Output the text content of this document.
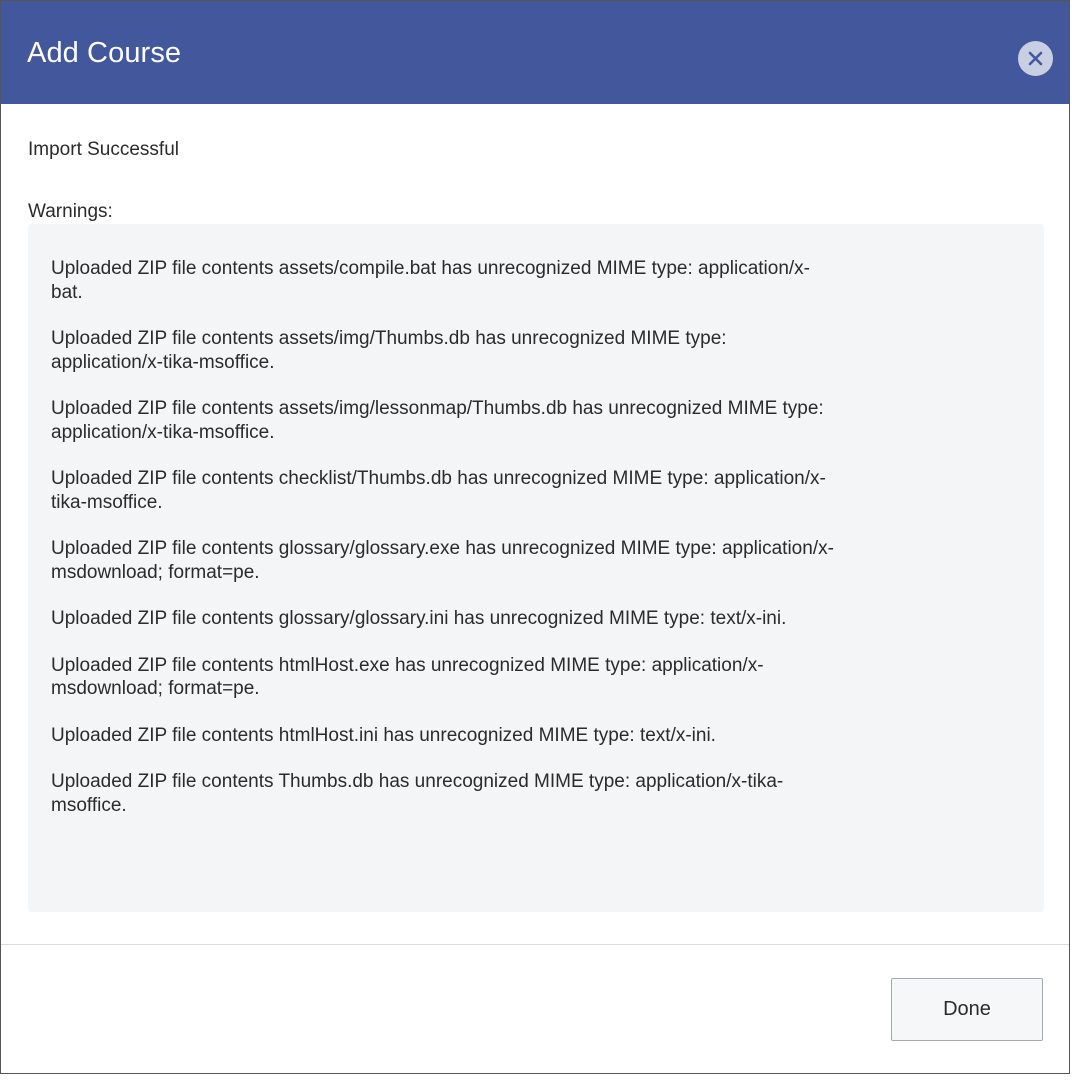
Add Course
Import Successful
Warnings:

Uploaded ZIP file contents assets/compile.bat has unrecognized MIME type: application/x-bat.

Uploaded ZIP file contents assets/img/Thumbs.db has unrecognized MIME type: application/x-tika-msoffice.

Uploaded ZIP file contents assets/img/lessonmap/Thumbs.db has unrecognized MIME type: application/x-tika-msoffice.

Uploaded ZIP file contents checklist/Thumbs.db has unrecognized MIME type: application/x-tika-msoffice.

Uploaded ZIP file contents glossary/glossary.exe has unrecognized MIME type: application/x-msdownload; format=pe.

Uploaded ZIP file contents glossary/glossary.ini has unrecognized MIME type: text/x-ini.

Uploaded ZIP file contents htmlHost.exe has unrecognized MIME type: application/x-msdownload; format=pe.

Uploaded ZIP file contents htmlHost.ini has unrecognized MIME type: text/x-ini.

Uploaded ZIP file contents Thumbs.db has unrecognized MIME type: application/x-tika-msoffice.

Done
